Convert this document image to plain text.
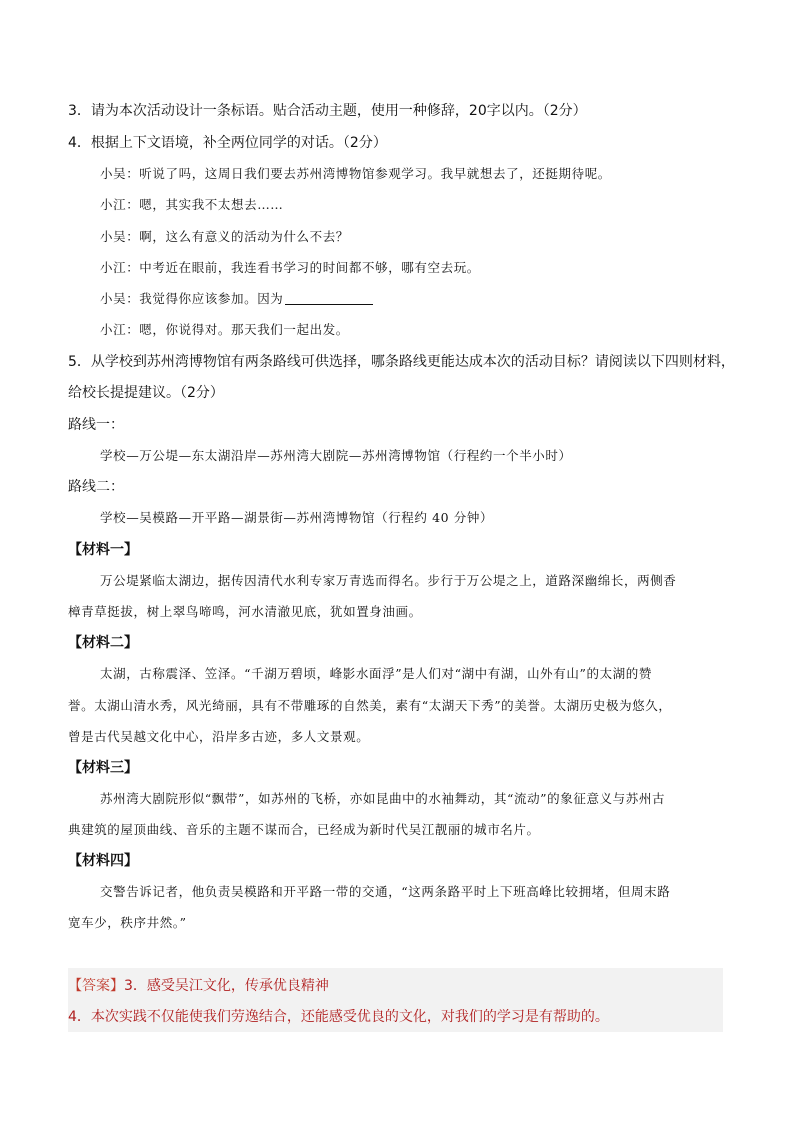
3．请为本次活动设计一条标语。贴合活动主题，使用一种修辞，20字以内。（2分）
4．根据上下文语境，补全两位同学的对话。（2分）
小吴：听说了吗，这周日我们要去苏州湾博物馆参观学习。我早就想去了，还挺期待呢。
小江：嗯，其实我不太想去……
小吴：啊，这么有意义的活动为什么不去？
小江：中考近在眼前，我连看书学习的时间都不够，哪有空去玩。
小吴：我觉得你应该参加。因为
小江：嗯，你说得对。那天我们一起出发。
5．从学校到苏州湾博物馆有两条路线可供选择，哪条路线更能达成本次的活动目标？请阅读以下四则材料，
给校长提提建议。（2分）
路线一：
学校—万公堤—东太湖沿岸—苏州湾大剧院—苏州湾博物馆（行程约一个半小时）
路线二：
学校—吴模路—开平路—湖景街—苏州湾博物馆（行程约 40 分钟）
【材料一】
万公堤紧临太湖边，据传因清代水利专家万青选而得名。步行于万公堤之上，道路深幽绵长，两侧香
樟青草挺拔，树上翠鸟啼鸣，河水清澈见底，犹如置身油画。
【材料二】
太湖，古称震泽、笠泽。“千湖万碧顷，峰影水面浮”是人们对“湖中有湖，山外有山”的太湖的赞
誉。太湖山清水秀，风光绮丽，具有不带雕琢的自然美，素有“太湖天下秀”的美誉。太湖历史极为悠久，
曾是古代吴越文化中心，沿岸多古迹，多人文景观。
【材料三】
苏州湾大剧院形似“飘带”，如苏州的飞桥，亦如昆曲中的水袖舞动，其“流动”的象征意义与苏州古
典建筑的屋顶曲线、音乐的主题不谋而合，已经成为新时代吴江靓丽的城市名片。
【材料四】
交警告诉记者，他负责吴模路和开平路一带的交通，“这两条路平时上下班高峰比较拥堵，但周末路
宽车少，秩序井然。”
【答案】3．感受吴江文化，传承优良精神
4．本次实践不仅能使我们劳逸结合，还能感受优良的文化，对我们的学习是有帮助的。
